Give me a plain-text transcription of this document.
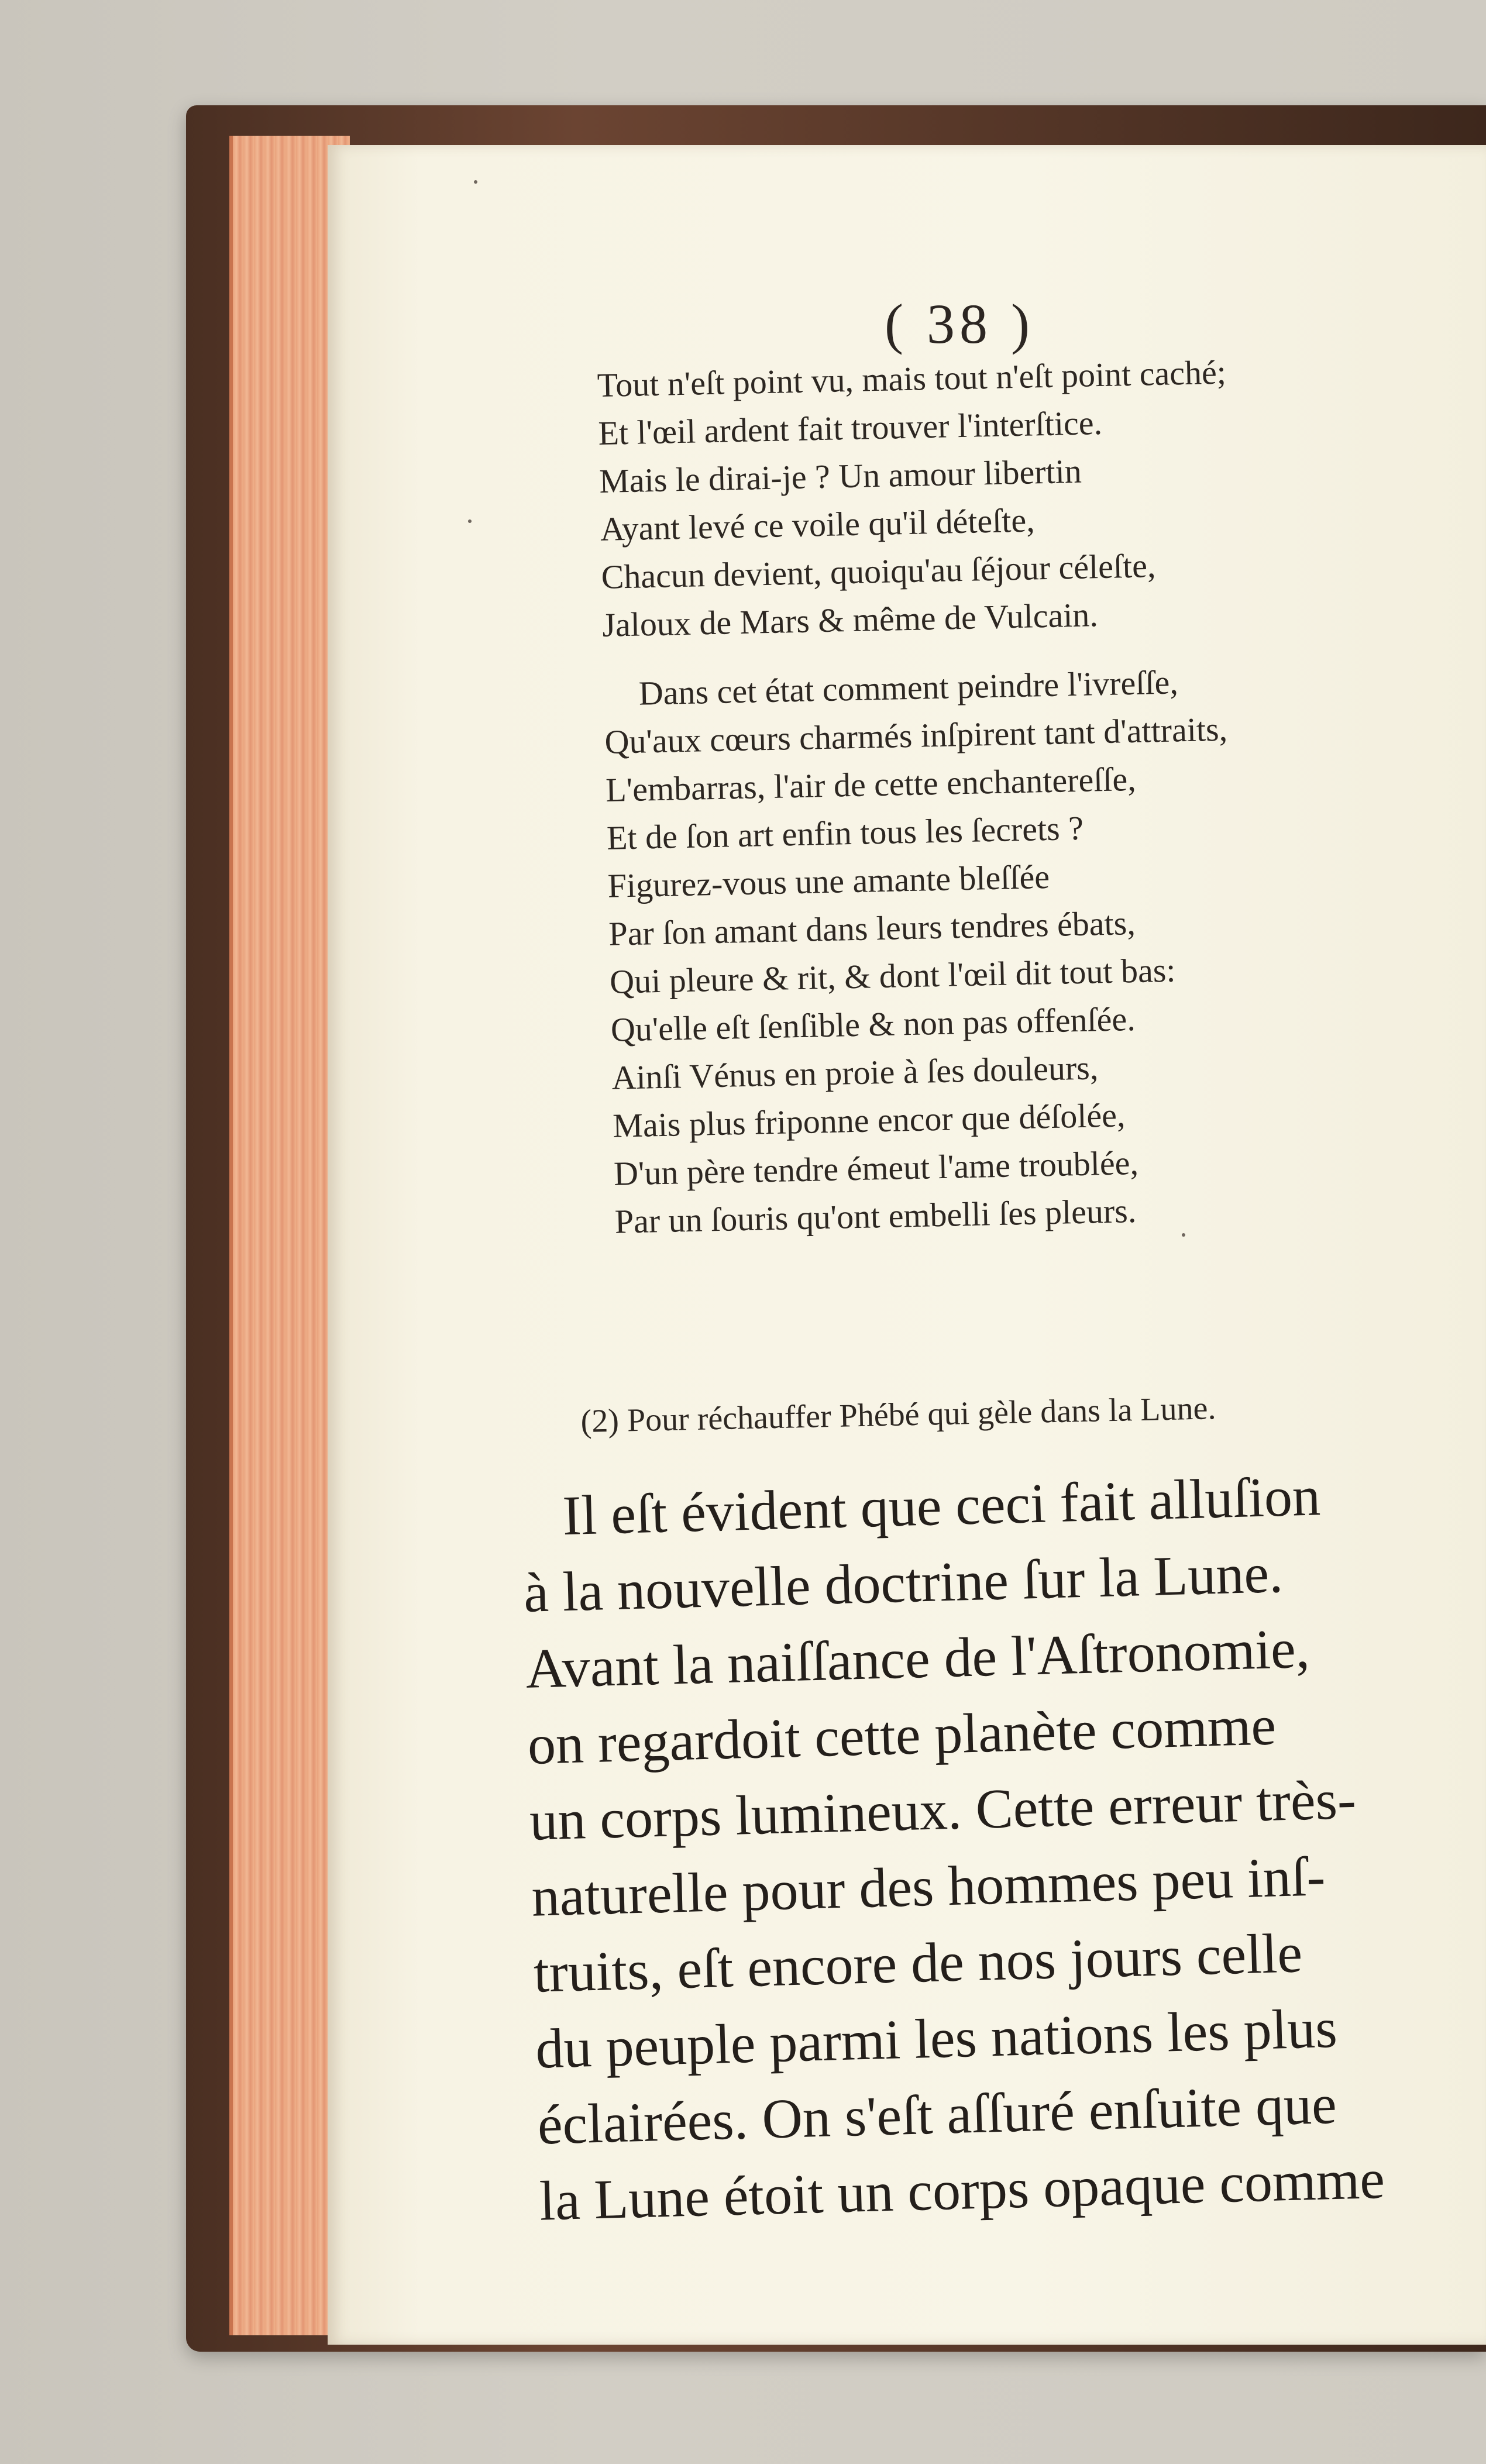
( 38 )
Tout n'eſt point vu, mais tout n'eſt point caché;
Et l'œil ardent fait trouver l'interſtice.
Mais le dirai-je ? Un amour libertin
Ayant levé ce voile qu'il déteſte,
Chacun devient, quoiqu'au ſéjour céleſte,
Jaloux de Mars & même de Vulcain.
Dans cet état comment peindre l'ivreſſe,
Qu'aux cœurs charmés inſpirent tant d'attraits,
L'embarras, l'air de cette enchantereſſe,
Et de ſon art enfin tous les ſecrets ?
Figurez-vous une amante bleſſée
Par ſon amant dans leurs tendres ébats,
Qui pleure & rit, & dont l'œil dit tout bas:
Qu'elle eſt ſenſible & non pas offenſée.
Ainſi Vénus en proie à ſes douleurs,
Mais plus friponne encor que déſolée,
D'un père tendre émeut l'ame troublée,
Par un ſouris qu'ont embelli ſes pleurs.
(2) Pour réchauffer Phébé qui gèle dans la Lune.
Il eſt évident que ceci fait alluſion
à la nouvelle doctrine ſur la Lune.
Avant la naiſſance de l'Aſtronomie,
on regardoit cette planète comme
un corps lumineux. Cette erreur très-
naturelle pour des hommes peu inſ-
truits, eſt encore de nos jours celle
du peuple parmi les nations les plus
éclairées. On s'eſt aſſuré enſuite que
la Lune étoit un corps opaque comme
